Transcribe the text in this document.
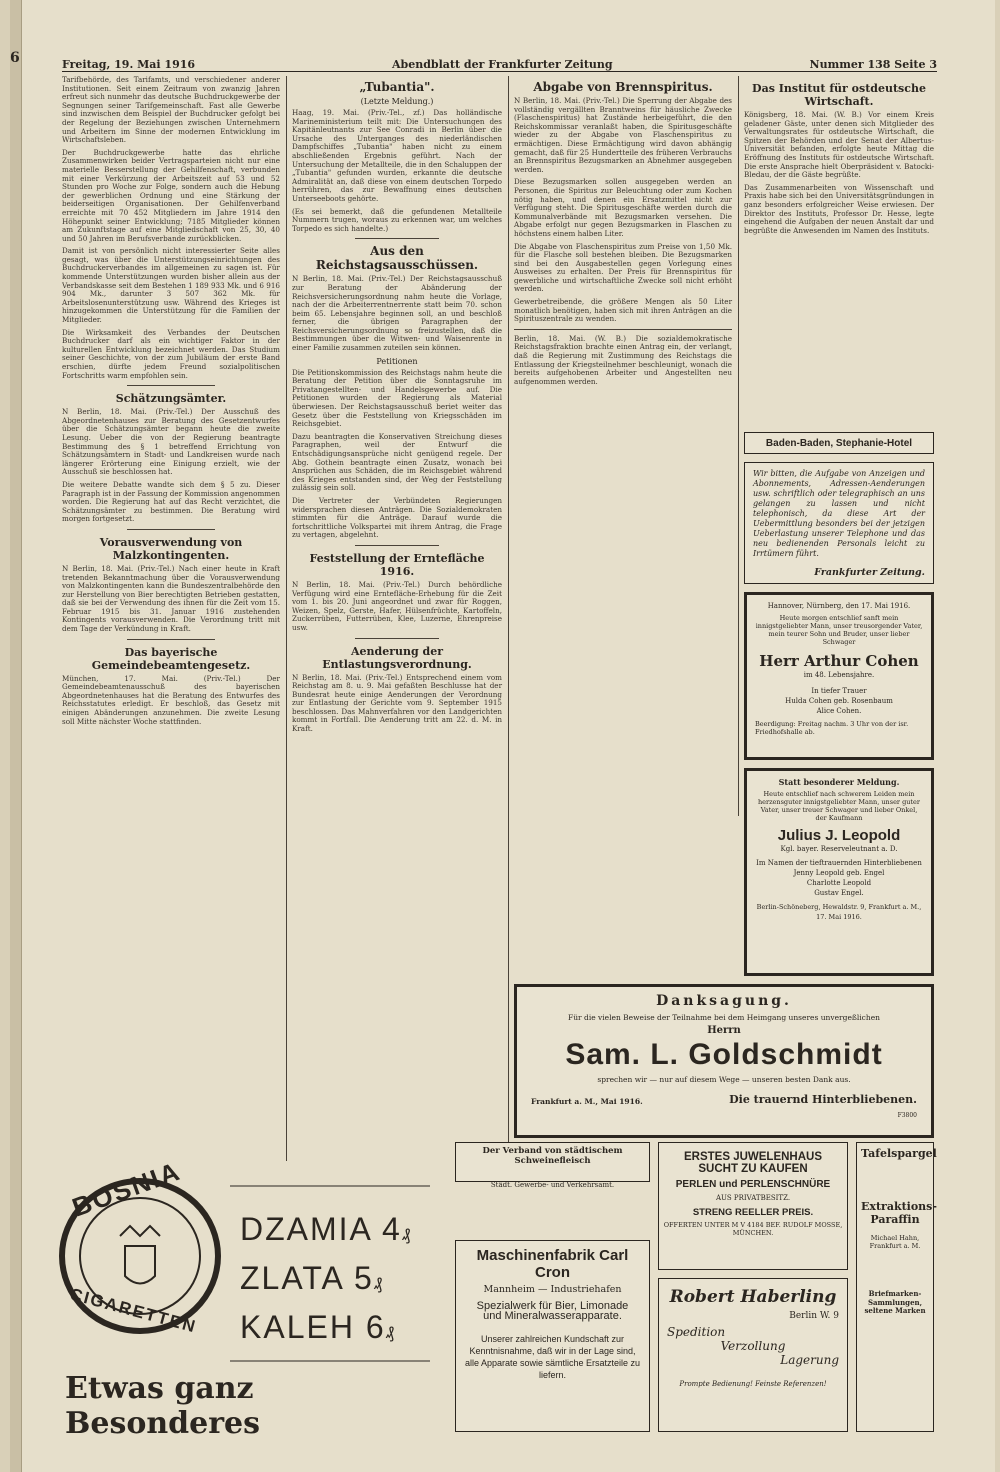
6	Freitag, 19. Mai 1916	Abendblatt der Frankfurter Zeitung	Nummer 138 Seite 3

Tarifbehörde, des Tarifamts, und verschiedener anderer Institutionen. Seit einem Zeitraum von zwanzig Jahren erfreut sich nunmehr das deutsche Buchdruckgewerbe der Segnungen seiner Tarifgemeinschaft. Fast alle Gewerbe sind inzwischen dem Beispiel der Buchdrucker gefolgt bei der Regelung der Beziehungen zwischen Unternehmern und Arbeitern im Sinne der modernen Entwicklung im Wirtschaftsleben.

Der Buchdruckgewerbe hatte das ehrliche Zusammenwirken beider Vertragsparteien nicht nur eine materielle Besserstellung der Gehilfenschaft, verbunden mit einer Verkürzung der Arbeitszeit auf 53 und 52 Stunden pro Woche zur Folge, sondern auch die Hebung der gewerblichen Ordnung und eine Stärkung der beiderseitigen Organisationen. Der Gehilfenverband erreichte mit 70 452 Mitgliedern im Jahre 1914 den Höhepunkt seiner Entwicklung; 7185 Mitglieder können am Zukunftstage auf eine Mitgliedschaft von 25, 30, 40 und 50 Jahren im Berufsverbande zurückblicken.

Damit ist von persönlich nicht interessierter Seite alles gesagt, was über die Unterstützungseinrichtungen des Buchdruckerverbandes im allgemeinen zu sagen ist. Für kommende Unterstützungen wurden bisher allein aus der Verbandskasse seit dem Bestehen 1 189 933 Mk. und 6 916 904 Mk., darunter 3 507 362 Mk. für Arbeitslosenunterstützung usw. Während des Krieges ist hinzugekommen die Unterstützung für die Familien der Mitglieder.

Die Wirksamkeit des Verbandes der Deutschen Buchdrucker darf als ein wichtiger Faktor in der kulturellen Entwicklung bezeichnet werden. Das Studium seiner Geschichte, von der zum Jubiläum der erste Band erschien, dürfte jedem Freund sozialpolitischen Fortschritts warm empfohlen sein.

Schätzungsämter.

N Berlin, 18. Mai. (Priv.-Tel.) Der Ausschuß des Abgeordnetenhauses zur Beratung des Gesetzentwurfes über die Schätzungsämter begann heute die zweite Lesung. Ueber die von der Regierung beantragte Bestimmung des § 1 betreffend Errichtung von Schätzungsämtern in Stadt- und Landkreisen wurde nach längerer Erörterung eine Einigung erzielt, wie der Ausschuß sie beschlossen hat.

Die weitere Debatte wandte sich dem § 5 zu. Dieser Paragraph ist in der Fassung der Kommission angenommen worden. Die Regierung hat auf das Recht verzichtet, die Schätzungsämter zu bestimmen. Die Beratung wird morgen fortgesetzt.

Vorausverwendung von Malzkontingenten.

N Berlin, 18. Mai. (Priv.-Tel.) Nach einer heute in Kraft tretenden Bekanntmachung über die Vorausverwendung von Malzkontingenten kann die Bundeszentralbehörde den zur Herstellung von Bier berechtigten Betrieben gestatten, daß sie bei der Verwendung des ihnen für die Zeit vom 15. Februar 1915 bis 31. Januar 1916 zustehenden Kontingents vorausverwenden. Die Verordnung tritt mit dem Tage der Verkündung in Kraft.

Das bayerische Gemeindebeamtengesetz.

München, 17. Mai. (Priv.-Tel.) Der Gemeindebeamtenausschuß des bayerischen Abgeordnetenhauses hat die Beratung des Entwurfes des Reichsstatutes erledigt. Er beschloß, das Gesetz mit einigen Abänderungen anzunehmen. Die zweite Lesung soll Mitte nächster Woche stattfinden.

„Tubantia".
(Letzte Meldung.)

Haag, 19. Mai. (Priv.-Tel., zf.) Das holländische Marineministerium teilt mit: Die Untersuchungen des Kapitänleutnants zur See Conradi in Berlin über die Ursache des Unterganges des niederländischen Dampfschiffes „Tubantia" haben nicht zu einem abschließenden Ergebnis geführt. Nach der Untersuchung der Metallteile, die in den Schaluppen der „Tubantia" gefunden wurden, erkannte die deutsche Admiralität an, daß diese von einem deutschen Torpedo herrühren, das zur Bewaffnung eines deutschen Unterseeboots gehörte.

(Es sei bemerkt, daß die gefundenen Metallteile Nummern trugen, woraus zu erkennen war, um welches Torpedo es sich handelte.)

Aus den Reichstagsausschüssen.

N Berlin, 18. Mai. (Priv.-Tel.) Der Reichstagsausschuß zur Beratung der Abänderung der Reichsversicherungsordnung nahm heute die Vorlage, nach der die Arbeiterrentnerrente statt beim 70. schon beim 65. Lebensjahre beginnen soll, an und beschloß ferner, die übrigen Paragraphen der Reichsversicherungsordnung so freizustellen, daß die Bestimmungen über die Witwen- und Waisenrente in einer Familie zusammen zuteilen sein können.

Petitionen

Die Petitionskommission des Reichstags nahm heute die Beratung der Petition über die Sonntagsruhe im Privatangestellten- und Handelsgewerbe auf. Die Petitionen wurden der Regierung als Material überwiesen. Der Reichstagsausschuß beriet weiter das Gesetz über die Feststellung von Kriegsschäden im Reichsgebiet.

Dazu beantragten die Konservativen Streichung dieses Paragraphen, weil der Entwurf die Entschädigungsansprüche nicht genügend regele. Der Abg. Gothein beantragte einen Zusatz, wonach bei Ansprüchen aus Schäden, die im Reichsgebiet während des Krieges entstanden sind, der Weg der Feststellung zulässig sein soll.

Die Vertreter der Verbündeten Regierungen widersprachen diesen Anträgen. Die Sozialdemokraten stimmten für die Anträge. Darauf wurde die fortschrittliche Volkspartei mit ihrem Antrag, die Frage zu vertagen, abgelehnt.

Feststellung der Erntefläche 1916.

N Berlin, 18. Mai. (Priv.-Tel.) Durch behördliche Verfügung wird eine Erntefläche-Erhebung für die Zeit vom 1. bis 20. Juni angeordnet und zwar für Roggen, Weizen, Spelz, Gerste, Hafer, Hülsenfrüchte, Kartoffeln, Zuckerrüben, Futterrüben, Klee, Luzerne, Ehrenpreise usw.

Aenderung der Entlastungsverordnung.

N Berlin, 18. Mai. (Priv.-Tel.) Entsprechend einem vom Reichstag am 8. u. 9. Mai gefaßten Beschlusse hat der Bundesrat heute einige Aenderungen der Verordnung zur Entlastung der Gerichte vom 9. September 1915 beschlossen. Das Mahnverfahren vor den Landgerichten kommt in Fortfall. Die Aenderung tritt am 22. d. M. in Kraft.

Abgabe von Brennspiritus.

N Berlin, 18. Mai. (Priv.-Tel.) Die Sperrung der Abgabe des vollständig vergällten Branntweins für häusliche Zwecke (Flaschenspiritus) hat Zustände herbeigeführt, die den Reichskommissar veranlaßt haben, die Spiritusgeschäfte wieder zu der Abgabe von Flaschenspiritus zu ermächtigen. Diese Ermächtigung wird davon abhängig gemacht, daß für 25 Hundertteile des früheren Verbrauchs an Brennspiritus Bezugsmarken an Abnehmer ausgegeben werden.

Diese Bezugsmarken sollen ausgegeben werden an Personen, die Spiritus zur Beleuchtung oder zum Kochen nötig haben, und denen ein Ersatzmittel nicht zur Verfügung steht. Die Spiritusgeschäfte werden durch die Kommunalverbände mit Bezugsmarken versehen. Die Abgabe erfolgt nur gegen Bezugsmarken in Flaschen zu höchstens einem halben Liter.

Die Abgabe von Flaschenspiritus zum Preise von 1,50 Mk. für die Flasche soll bestehen bleiben. Die Bezugsmarken sind bei den Ausgabestellen gegen Vorlegung eines Ausweises zu erhalten. Der Preis für Brennspiritus für gewerbliche und wirtschaftliche Zwecke soll nicht erhöht werden.

Gewerbetreibende, die größere Mengen als 50 Liter monatlich benötigen, haben sich mit ihren Anträgen an die Spirituszentrale zu wenden.

Berlin, 18. Mai. (W. B.) Die sozialdemokratische Reichstagsfraktion brachte einen Antrag ein, der verlangt, daß die Regierung mit Zustimmung des Reichstags die Entlassung der Kriegsteilnehmer beschleunigt, wonach die bereits aufgehobenen Arbeiter und Angestellten neu aufgenommen werden.

Das Institut für ostdeutsche Wirtschaft.

Königsberg, 18. Mai. (W. B.) Vor einem Kreis geladener Gäste, unter denen sich Mitglieder des Verwaltungsrates für ostdeutsche Wirtschaft, die Spitzen der Behörden und der Senat der Albertus-Universität befanden, erfolgte heute Mittag die Eröffnung des Instituts für ostdeutsche Wirtschaft. Die erste Ansprache hielt Oberpräsident v. Batocki-Bledau, der die Gäste begrüßte.

Das Zusammenarbeiten von Wissenschaft und Praxis habe sich bei den Universitätsgründungen in ganz besonders erfolgreicher Weise erwiesen. Der Direktor des Instituts, Professor Dr. Hesse, legte eingehend die Aufgaben der neuen Anstalt dar und begrüßte die Anwesenden im Namen des Instituts.

Baden-Baden, Stephanie-Hotel

Wir bitten, die Aufgabe von Anzeigen und Abonnements, Adressen-Aenderungen usw. schriftlich oder telegraphisch an uns gelangen zu lassen und nicht telephonisch, da diese Art der Uebermittlung besonders bei der jetzigen Ueberlastung unserer Telephone und das neu bedienenden Personals leicht zu Irrtümern führt.

Frankfurter Zeitung.

Hannover, Nürnberg, den 17. Mai 1916.

Heute morgen entschlief sanft mein innigstgeliebter Mann, unser treusorgender Vater, mein teurer Sohn und Bruder, unser lieber Schwager

Herr Arthur Cohen

im 48. Lebensjahre.

In tiefer Trauer

Hulda Cohen geb. Rosenbaum

Alice Cohen.

Beerdigung: Freitag nachm. 3 Uhr von der isr. Friedhofshalle ab.

Statt besonderer Meldung.

Heute entschlief nach schwerem Leiden mein herzensguter innigstgeliebter Mann, unser guter Vater, unser treuer Schwager und lieber Onkel, der Kaufmann

Julius J. Leopold

Kgl. bayer. Reserveleutnant a. D.

Im Namen der tieftrauernden Hinterbliebenen

Jenny Leopold geb. Engel

Charlotte Leopold

Gustav Engel.

Berlin-Schöneberg, Hewaldstr. 9, Frankfurt a. M., 17. Mai 1916.

Danksagung.

Für die vielen Beweise der Teilnahme bei dem Heimgang unseres unvergeßlichen

Herrn

Sam. L. Goldschmidt

sprechen wir — nur auf diesem Wege — unseren besten Dank aus.

Frankfurt a. M., Mai 1916.	Die trauernd Hinterbliebenen.

F3800

BOSNIA
CIGARETTEN
DZAMIA 4₰
ZLATA 5₰
KALEH 6₰
Etwas ganz Besonderes

Der Verband von städtischem Schweinefleisch

Städt. Gewerbe- und Verkehrsamt.

Maschinenfabrik Carl Cron

Mannheim — Industriehafen

Spezialwerk für Bier, Limonade

und Mineralwasserapparate.

Unserer zahlreichen Kundschaft zur Kenntnisnahme, daß wir in der Lage sind, alle Apparate sowie sämtliche Ersatzteile zu liefern.

ERSTES JUWELENHAUS

SUCHT ZU KAUFEN

PERLEN und PERLENSCHNÜRE

AUS PRIVATBESITZ.

STRENG REELLER PREIS.

OFFERTEN UNTER M V 4184 BEF. RUDOLF MOSSE, MÜNCHEN.

Robert Haberling

Berlin W. 9

Spedition

Verzollung

Lagerung

Prompte Bedienung! Feinste Referenzen!

Tafelspargel

Extraktions-Paraffin

Michael Hahn, Frankfurt a. M.

Briefmarken-Sammlungen, seltene Marken
